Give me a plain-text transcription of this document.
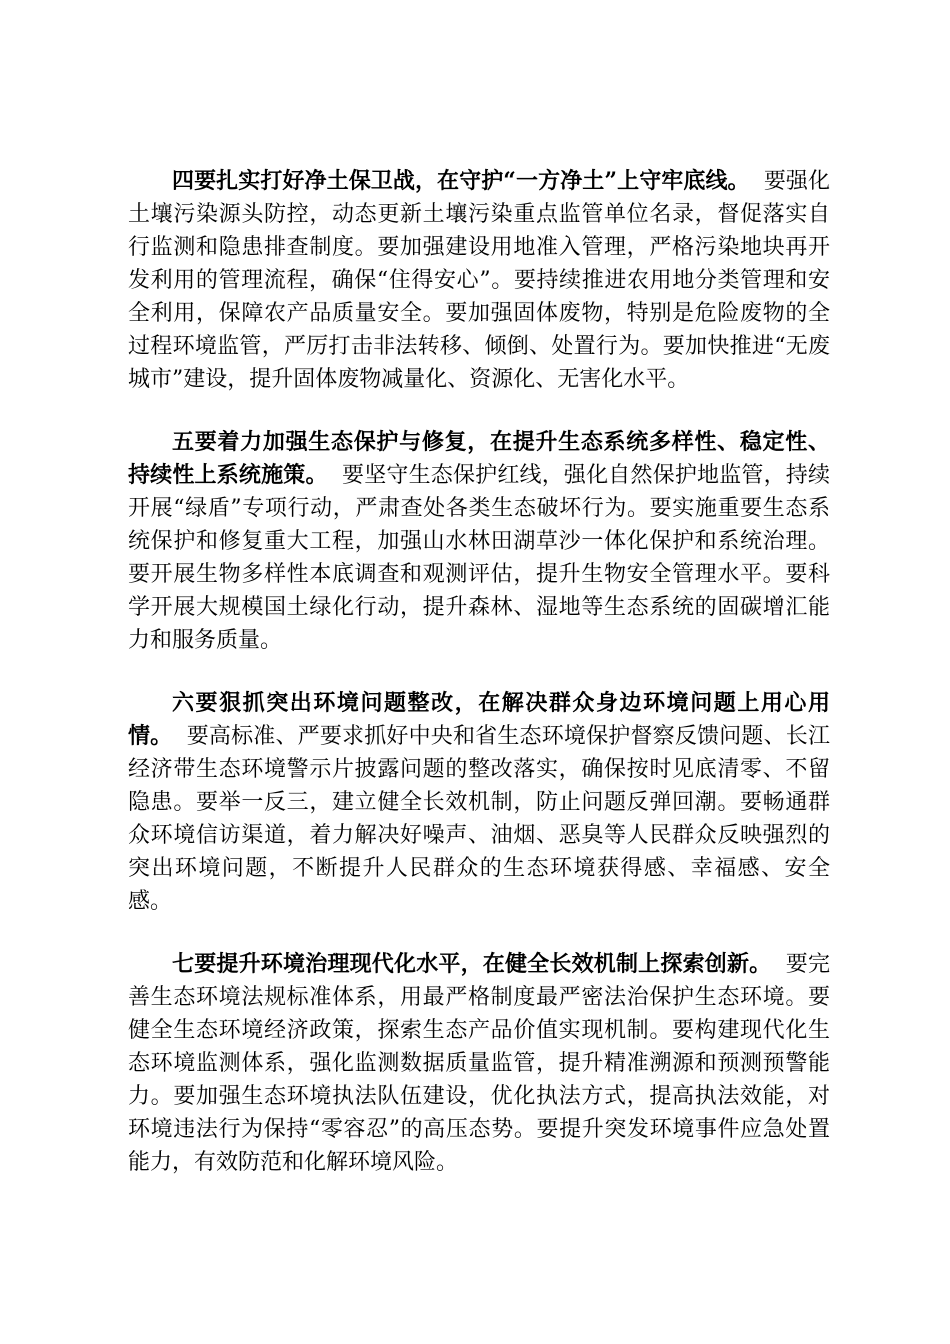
四要扎实打好净土保卫战，在守护“一方净土”上守牢底线。 要强化土壤污染源头防控，动态更新土壤污染重点监管单位名录，督促落实自行监测和隐患排查制度。要加强建设用地准入管理，严格污染地块再开发利用的管理流程，确保“住得安心”。要持续推进农用地分类管理和安全利用，保障农产品质量安全。要加强固体废物，特别是危险废物的全过程环境监管，严厉打击非法转移、倾倒、处置行为。要加快推进“无废城市”建设，提升固体废物减量化、资源化、无害化水平。

五要着力加强生态保护与修复，在提升生态系统多样性、稳定性、持续性上系统施策。 要坚守生态保护红线，强化自然保护地监管，持续开展“绿盾”专项行动，严肃查处各类生态破坏行为。要实施重要生态系统保护和修复重大工程，加强山水林田湖草沙一体化保护和系统治理。要开展生物多样性本底调查和观测评估，提升生物安全管理水平。要科学开展大规模国土绿化行动，提升森林、湿地等生态系统的固碳增汇能力和服务质量。

六要狠抓突出环境问题整改，在解决群众身边环境问题上用心用情。 要高标准、严要求抓好中央和省生态环境保护督察反馈问题、长江经济带生态环境警示片披露问题的整改落实，确保按时见底清零、不留隐患。要举一反三，建立健全长效机制，防止问题反弹回潮。要畅通群众环境信访渠道，着力解决好噪声、油烟、恶臭等人民群众反映强烈的突出环境问题，不断提升人民群众的生态环境获得感、幸福感、安全感。

七要提升环境治理现代化水平，在健全长效机制上探索创新。 要完善生态环境法规标准体系，用最严格制度最严密法治保护生态环境。要健全生态环境经济政策，探索生态产品价值实现机制。要构建现代化生态环境监测体系，强化监测数据质量监管，提升精准溯源和预测预警能力。要加强生态环境执法队伍建设，优化执法方式，提高执法效能，对环境违法行为保持“零容忍”的高压态势。要提升突发环境事件应急处置能力，有效防范和化解环境风险。
